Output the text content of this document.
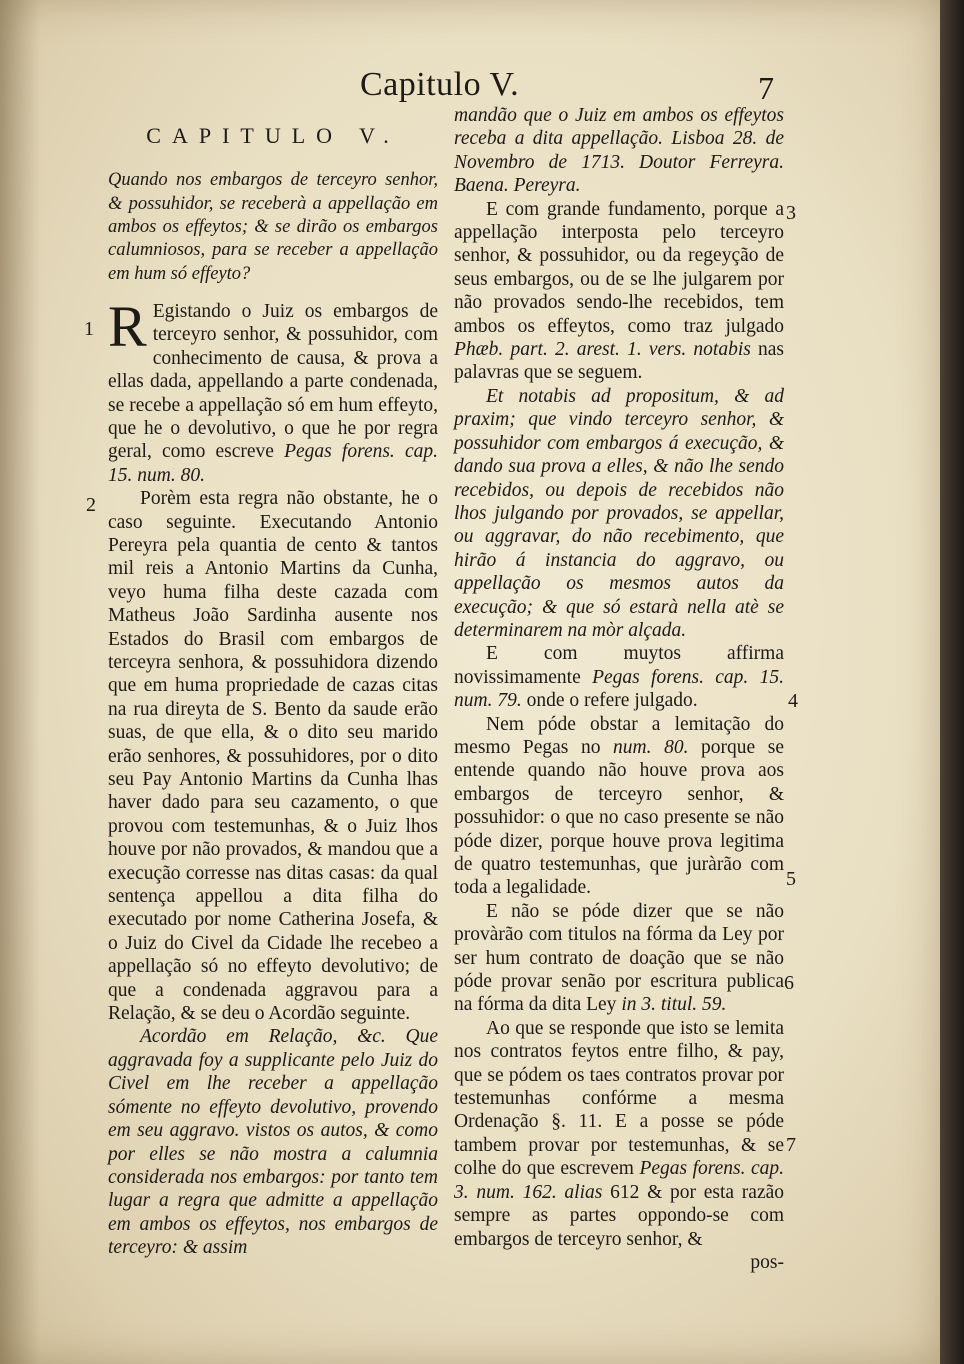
Capitulo V.	7
CAPITULO V.

Quando nos embargos de terceyro senhor, & possuhidor, se receberà a appellação em ambos os effeytos; & se dirão os embargos calumniosos, para se receber a appellação em hum só effeyto?

R Egistando o Juiz os embargos de terceyro senhor, & possuhidor, com conhecimento de causa, & prova a ellas dada, appellando a parte condenada, se recebe a appellação só em hum effeyto, que he o devolutivo, o que he por regra geral, como escreve Pegas forens. cap. 15. num. 80.

Porèm esta regra não obstante, he o caso seguinte. Executando Antonio Pereyra pela quantia de cento & tantos mil reis a Antonio Martins da Cunha, veyo huma filha deste cazada com Matheus João Sardinha ausente nos Estados do Brasil com embargos de terceyra senhora, & possuhidora dizendo que em huma propriedade de cazas citas na rua direyta de S. Bento da saude erão suas, de que ella, & o dito seu marido erão senhores, & possuhidores, por o dito seu Pay Antonio Martins da Cunha lhas haver dado para seu cazamento, o que provou com testemunhas, & o Juiz lhos houve por não provados, & mandou que a execução corresse nas ditas casas: da qual sentença appellou a dita filha do executado por nome Catherina Josefa, & o Juiz do Civel da Cidade lhe recebeo a appellação só no effeyto devolutivo; de que a condenada aggravou para a Relação, & se deu o Acordão seguinte.

Acordão em Relação, &c. Que aggravada foy a supplicante pelo Juiz do Civel em lhe receber a appellação sómente no effeyto devolutivo, provendo em seu aggravo. vistos os autos, & como por elles se não mostra a calumnia considerada nos embargos: por tanto tem lugar a regra que admitte a appellação em ambos os effeytos, nos embargos de terceyro: & assim

mandão que o Juiz em ambos os effeytos receba a dita appellação. Lisboa 28. de Novembro de 1713. Doutor Ferreyra. Baena. Pereyra.

E com grande fundamento, porque a appellação interposta pelo terceyro senhor, & possuhidor, ou da regeyção de seus embargos, ou de se lhe julgarem por não provados sendo-lhe recebidos, tem ambos os effeytos, como traz julgado Phæb. part. 2. arest. 1. vers. notabis nas palavras que se seguem.

Et notabis ad propositum, & ad praxim; que vindo terceyro senhor, & possuhidor com embargos á execução, & dando sua prova a elles, & não lhe sendo recebidos, ou depois de recebidos não lhos julgando por provados, se appellar, ou aggravar, do não recebimento, que hirão á instancia do aggravo, ou appellação os mesmos autos da execução; & que só estarà nella atè se determinarem na mòr alçada.

E com muytos affirma novissimamente Pegas forens. cap. 15. num. 79. onde o refere julgado.

Nem póde obstar a lemitação do mesmo Pegas no num. 80. porque se entende quando não houve prova aos embargos de terceyro senhor, & possuhidor: o que no caso presente se não póde dizer, porque houve prova legitima de quatro testemunhas, que juràrão com toda a legalidade.

E não se póde dizer que se não provàrão com titulos na fórma da Ley por ser hum contrato de doação que se não póde provar senão por escritura publica na fórma da dita Ley in 3. titul. 59.

Ao que se responde que isto se lemita nos contratos feytos entre filho, & pay, que se pódem os taes contratos provar por testemunhas confórme a mesma Ordenação §. 11. E a posse se póde tambem provar por testemunhas, & se colhe do que escrevem Pegas forens. cap. 3. num. 162. alias 612 & por esta razão sempre as partes oppondo-se com embargos de terceyro senhor, &

pos-

1
2
3
4
5
6
7
